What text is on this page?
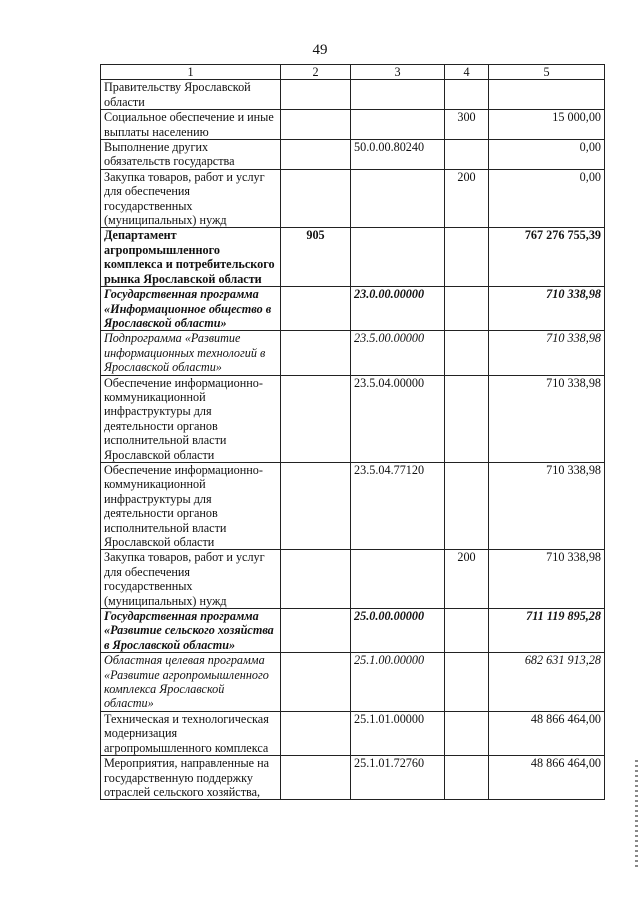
49
1	2	3	4	5
Правительству Ярославской области				
Социальное обеспечение и иные выплаты населению			300	15 000,00
Выполнение других обязательств государства		50.0.00.80240		0,00
Закупка товаров, работ и услуг для обеспечения государственных (муниципальных) нужд			200	0,00
Департамент агропромышленного комплекса и потребительского рынка Ярославской области	905			767 276 755,39
Государственная программа «Информационное общество в Ярославской области»		23.0.00.00000		710 338,98
Подпрограмма «Развитие информационных технологий в Ярославской области»		23.5.00.00000		710 338,98
Обеспечение информационно-коммуникационной инфраструктуры для деятельности органов исполнительной власти Ярославской области		23.5.04.00000		710 338,98
Обеспечение информационно-коммуникационной инфраструктуры для деятельности органов исполнительной власти Ярославской области		23.5.04.77120		710 338,98
Закупка товаров, работ и услуг для обеспечения государственных (муниципальных) нужд			200	710 338,98
Государственная программа «Развитие сельского хозяйства в Ярославской области»		25.0.00.00000		711 119 895,28
Областная целевая программа «Развитие агропромышленного комплекса Ярославской области»		25.1.00.00000		682 631 913,28
Техническая и технологическая модернизация агропромышленного комплекса		25.1.01.00000		48 866 464,00
Мероприятия, направленные на государственную поддержку отраслей сельского хозяйства,		25.1.01.72760		48 866 464,00
